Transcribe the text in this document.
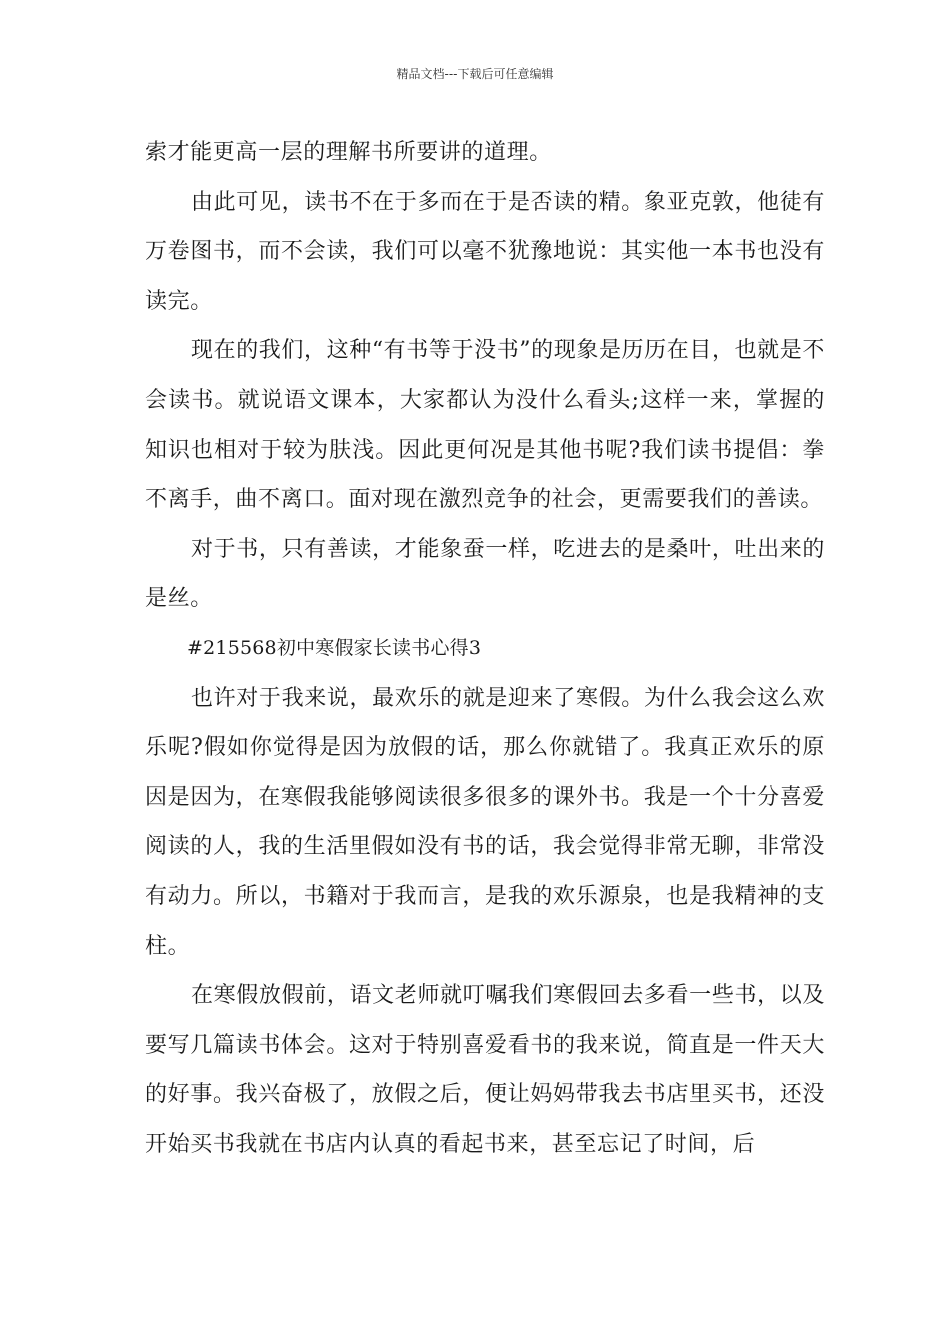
精品文档---下载后可任意编辑

索才能更高一层的理解书所要讲的道理。

由此可见，读书不在于多而在于是否读的精。象亚克敦，他徒有万卷图书，而不会读，我们可以毫不犹豫地说：其实他一本书也没有读完。

现在的我们，这种“有书等于没书”的现象是历历在目，也就是不会读书。就说语文课本，大家都认为没什么看头;这样一来，掌握的知识也相对于较为肤浅。因此更何况是其他书呢?我们读书提倡：拳不离手，曲不离口。面对现在激烈竞争的社会，更需要我们的善读。

对于书，只有善读，才能象蚕一样，吃进去的是桑叶，吐出来的是丝。

#215568初中寒假家长读书心得3

也许对于我来说，最欢乐的就是迎来了寒假。为什么我会这么欢乐呢?假如你觉得是因为放假的话，那么你就错了。我真正欢乐的原因是因为，在寒假我能够阅读很多很多的课外书。我是一个十分喜爱阅读的人，我的生活里假如没有书的话，我会觉得非常无聊，非常没有动力。所以，书籍对于我而言，是我的欢乐源泉，也是我精神的支柱。

在寒假放假前，语文老师就叮嘱我们寒假回去多看一些书，以及要写几篇读书体会。这对于特别喜爱看书的我来说，简直是一件天大的好事。我兴奋极了，放假之后，便让妈妈带我去书店里买书，还没开始买书我就在书店内认真的看起书来，甚至忘记了时间，后
